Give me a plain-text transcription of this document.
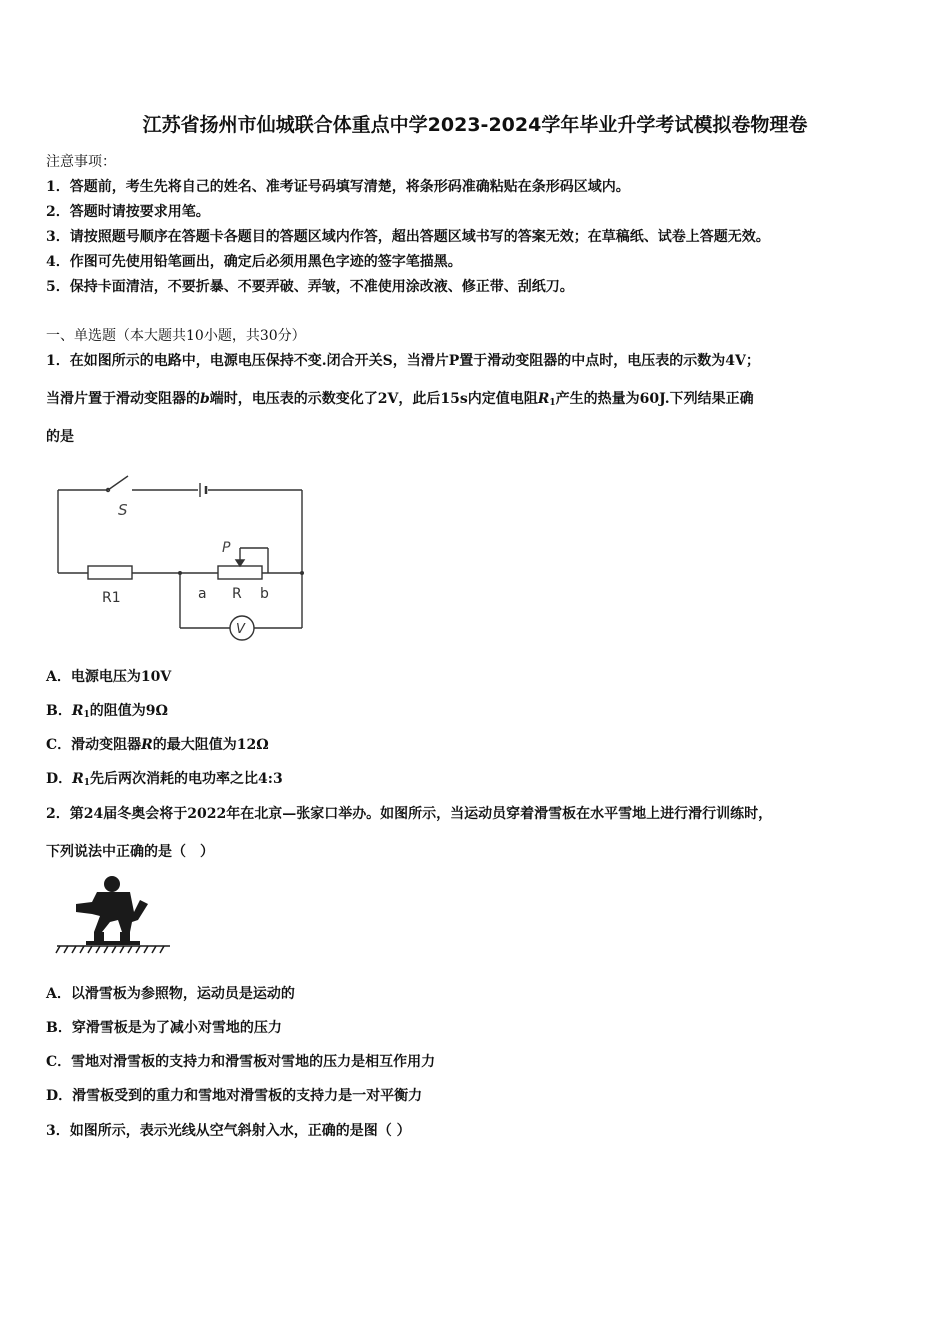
江苏省扬州市仙城联合体重点中学2023-2024学年毕业升学考试模拟卷物理卷
注意事项：
1．答题前，考生先将自己的姓名、准考证号码填写清楚，将条形码准确粘贴在条形码区域内。
2．答题时请按要求用笔。
3．请按照题号顺序在答题卡各题目的答题区域内作答，超出答题区域书写的答案无效；在草稿纸、试卷上答题无效。
4．作图可先使用铅笔画出，确定后必须用黑色字迹的签字笔描黑。
5．保持卡面清洁，不要折暴、不要弄破、弄皱，不准使用涂改液、修正带、刮纸刀。
一、单选题（本大题共10小题，共30分）
1．在如图所示的电路中，电源电压保持不变.闭合开关S，当滑片P置于滑动变阻器的中点时，电压表的示数为4V；
当滑片置于滑动变阻器的b端时，电压表的示数变化了2V，此后15s内定值电阻$R_1$产生的热量为60J.下列结果正确
的是
S
P
R1	a R b
V
A．电源电压为10V
B．$R_1$的阻值为9Ω
C．滑动变阻器R的最大阻值为12Ω
D．$R_1$先后两次消耗的电功率之比4:3
2．第24届冬奥会将于2022年在北京—张家口举办。如图所示，当运动员穿着滑雪板在水平雪地上进行滑行训练时，
下列说法中正确的是（　）
A．以滑雪板为参照物，运动员是运动的
B．穿滑雪板是为了减小对雪地的压力
C．雪地对滑雪板的支持力和滑雪板对雪地的压力是相互作用力
D．滑雪板受到的重力和雪地对滑雪板的支持力是一对平衡力
3．如图所示，表示光线从空气斜射入水，正确的是图（ ）
